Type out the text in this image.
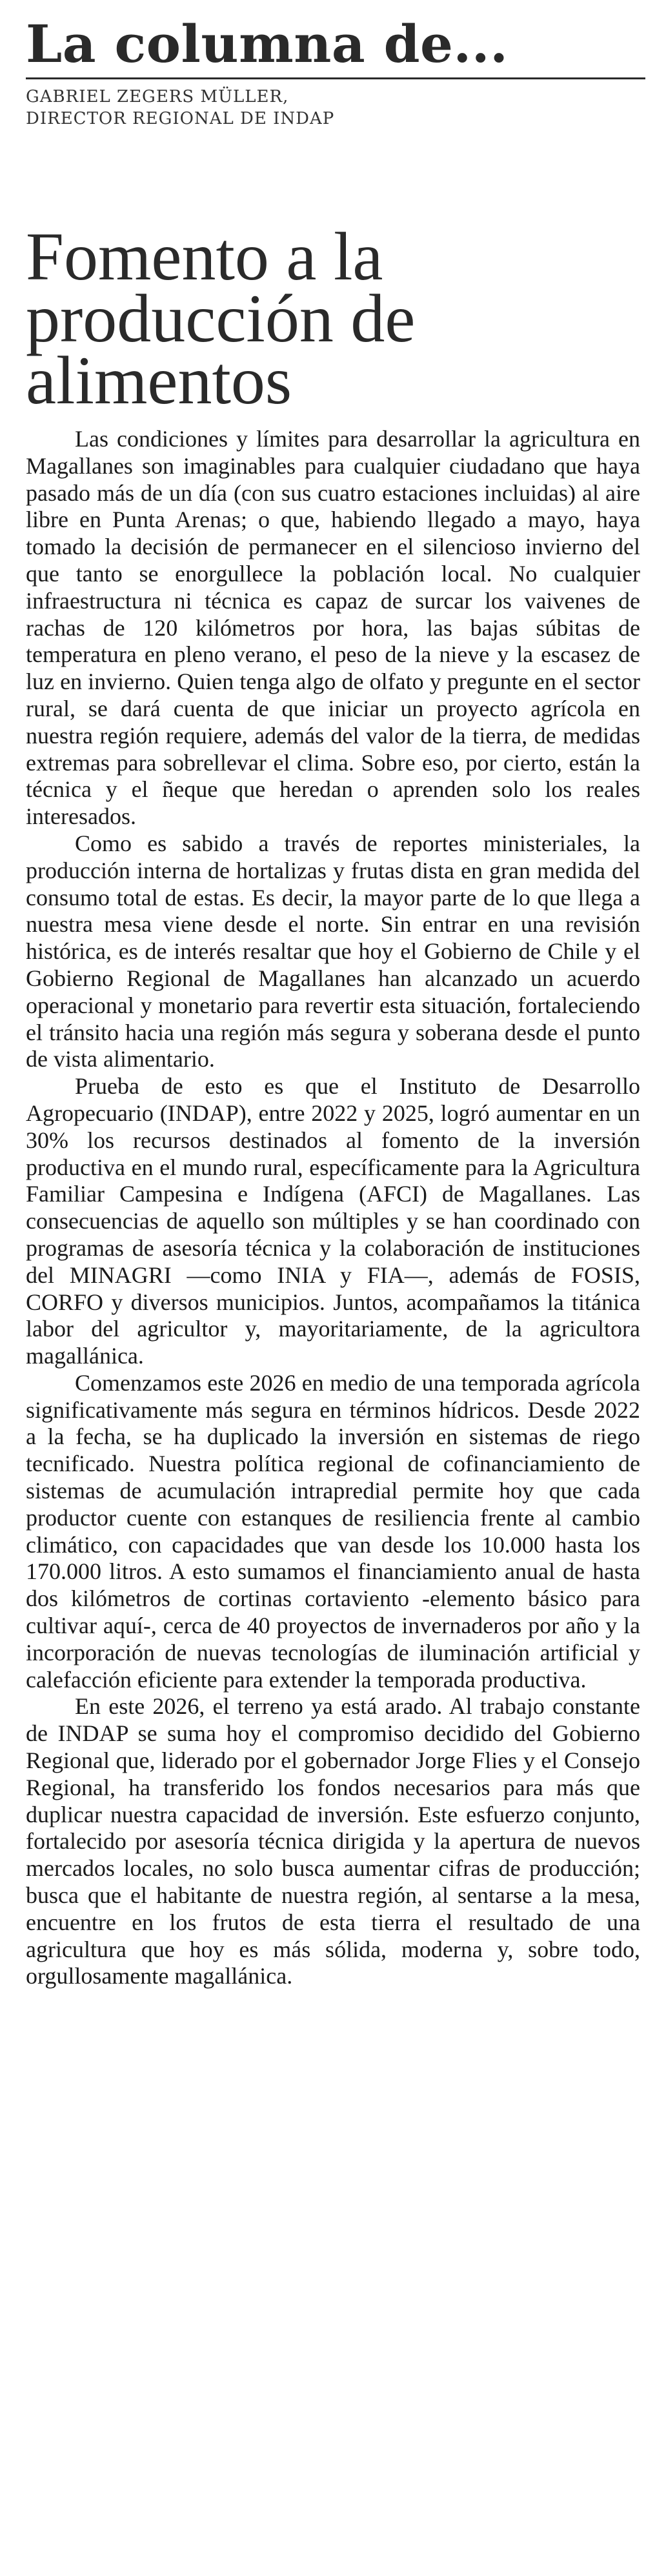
La columna de...
GABRIEL ZEGERS MÜLLER,
DIRECTOR REGIONAL DE INDAP
Fomento a la
producción de
alimentos

Las condiciones y límites para desarrollar la agricultura en Magallanes son imaginables para cualquier ciudadano que haya pasado más de un día (con sus cuatro estaciones incluidas) al aire libre en Punta Arenas; o que, habiendo llegado a mayo, haya tomado la decisión de permanecer en el silencioso invierno del que tanto se enorgullece la población local. No cualquier infraestructura ni técnica es capaz de surcar los vaivenes de rachas de 120 kilómetros por hora, las bajas súbitas de temperatura en pleno verano, el peso de la nieve y la escasez de luz en invierno. Quien tenga algo de olfato y pregunte en el sector rural, se dará cuenta de que iniciar un proyecto agrícola en nuestra región requiere, además del valor de la tierra, de medidas extremas para sobrellevar el clima. Sobre eso, por cierto, están la técnica y el ñeque que heredan o aprenden solo los reales interesados.

Como es sabido a través de reportes ministeriales, la producción interna de hortalizas y frutas dista en gran medida del consumo total de estas. Es decir, la mayor parte de lo que llega a nuestra mesa viene desde el norte. Sin entrar en una revisión histórica, es de interés resaltar que hoy el Gobierno de Chile y el Gobierno Regional de Magallanes han alcanzado un acuerdo operacional y monetario para revertir esta situación, fortaleciendo el tránsito hacia una región más segura y soberana desde el punto de vista alimentario.

Prueba de esto es que el Instituto de Desarrollo Agropecuario (INDAP), entre 2022 y 2025, logró aumentar en un 30% los recursos destinados al fomento de la inversión productiva en el mundo rural, específicamente para la Agricultura Familiar Campesina e Indígena (AFCI) de Magallanes. Las consecuencias de aquello son múltiples y se han coordinado con programas de asesoría técnica y la colaboración de instituciones del MINAGRI —como INIA y FIA—, además de FOSIS, CORFO y diversos municipios. Juntos, acompañamos la titánica labor del agricultor y, mayoritariamente, de la agricultora magallánica.

Comenzamos este 2026 en medio de una temporada agrícola significativamente más segura en términos hídricos. Desde 2022 a la fecha, se ha duplicado la inversión en sistemas de riego tecnificado. Nuestra política regional de cofinanciamiento de sistemas de acumulación intrapredial permite hoy que cada productor cuente con estanques de resiliencia frente al cambio climático, con capacidades que van desde los 10.000 hasta los 170.000 litros. A esto sumamos el financiamiento anual de hasta dos kilómetros de cortinas cortaviento -elemento básico para cultivar aquí-, cerca de 40 proyectos de invernaderos por año y la incorporación de nuevas tecnologías de iluminación artificial y calefacción eficiente para extender la temporada productiva.

En este 2026, el terreno ya está arado. Al trabajo constante de INDAP se suma hoy el compromiso decidido del Gobierno Regional que, liderado por el gobernador Jorge Flies y el Consejo Regional, ha transferido los fondos necesarios para más que duplicar nuestra capacidad de inversión. Este esfuerzo conjunto, fortalecido por asesoría técnica dirigida y la apertura de nuevos mercados locales, no solo busca aumentar cifras de producción; busca que el habitante de nuestra región, al sentarse a la mesa, encuentre en los frutos de esta tierra el resultado de una agricultura que hoy es más sólida, moderna y, sobre todo, orgullosamente magallánica.
